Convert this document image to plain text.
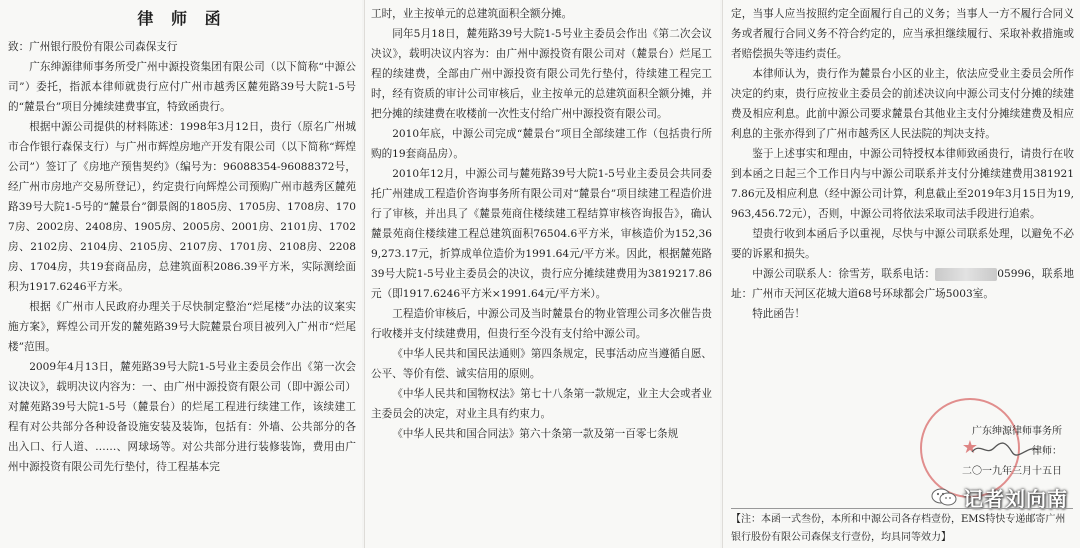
律 师 函

致：广州银行股份有限公司森保支行

广东绅源律师事务所受广州中源投资集团有限公司（以下简称“中源公司”）委托，指派本律师就贵行应付广州市越秀区麓苑路39号大院1-5号的“麓景台”项目分摊续建费事宜，特致函贵行。

根据中源公司提供的材料陈述：1998年3月12日，贵行（原名广州城市合作银行森保支行）与广州市辉煌房地产开发有限公司（以下简称“辉煌公司”）签订了《房地产预售契约》（编号为：96088354-96088372号，经广州市房地产交易所登记），约定贵行向辉煌公司预购广州市越秀区麓苑路39号大院1-5号的“麓景台”御景阁的1805房、1705房、1708房、1707房、2002房、2408房、1905房、2005房、2001房、2101房、1702房、2102房、2104房、2105房、2107房、1701房、2108房、2208房、1704房，共19套商品房，总建筑面积2086.39平方米，实际测绘面积为1917.6246平方米。

根据《广州市人民政府办理关于尽快制定整治“烂尾楼”办法的议案实施方案》，辉煌公司开发的麓苑路39号大院麓景台项目被列入广州市“烂尾楼”范围。

2009年4月13日，麓苑路39号大院1-5号业主委员会作出《第一次会议决议》，载明决议内容为：一、由广州中源投资有限公司（即中源公司）对麓苑路39号大院1-5号（麓景台）的烂尾工程进行续建工作，该续建工程有对公共部分各种设备设施安装及装饰，包括有：外墙、公共部分的各出入口、行人道、……、网球场等。对公共部分进行装修装饰，费用由广州中源投资有限公司先行垫付，待工程基本完

工时，业主按单元的总建筑面积全额分摊。

同年5月18日，麓苑路39号大院1-5号业主委员会作出《第二次会议决议》，载明决议内容为：由广州中源投资有限公司对（麓景台）烂尾工程的续建费，全部由广州中源投资有限公司先行垫付，待续建工程完工时，经有资质的审计公司审核后，业主按单元的总建筑面积全额分摊，并把分摊的续建费在收楼前一次性支付给广州中源投资有限公司。

2010年底，中源公司完成“麓景台”项目全部续建工作（包括贵行所购的19套商品房）。

2010年12月，中源公司与麓苑路39号大院1-5号业主委员会共同委托广州建成工程造价咨询事务所有限公司对“麓景台”项目续建工程造价进行了审核，并出具了《麓景苑商住楼续建工程结算审核咨询报告》，确认麓景苑商住楼续建工程总建筑面积76504.6平方米，审核造价为152,369,273.17元，折算成单位造价为1991.64元/平方米。因此，根据麓苑路39号大院1-5号业主委员会的决议，贵行应分摊续建费用为3819217.86元（即1917.6246平方米×1991.64元/平方米）。

工程造价审核后，中源公司及当时麓景台的物业管理公司多次催告贵行收楼并支付续建费用，但贵行至今没有支付给中源公司。

《中华人民共和国民法通则》第四条规定，民事活动应当遵循自愿、公平、等价有偿、诚实信用的原则。

《中华人民共和国物权法》第七十八条第一款规定，业主大会或者业主委员会的决定，对业主具有约束力。

《中华人民共和国合同法》第六十条第一款及第一百零七条规

定，当事人应当按照约定全面履行自己的义务；当事人一方不履行合同义务或者履行合同义务不符合约定的，应当承担继续履行、采取补救措施或者赔偿损失等违约责任。

本律师认为，贵行作为麓景台小区的业主，依法应受业主委员会所作决定的约束，贵行应按业主委员会的前述决议向中源公司支付分摊的续建费及相应利息。此前中源公司要求麓景台其他业主支付分摊续建费及相应利息的主张亦得到了广州市越秀区人民法院的判决支持。

鉴于上述事实和理由，中源公司特授权本律师致函贵行，请贵行在收到本函之日起三个工作日内与中源公司联系并支付分摊续建费用3819217.86元及相应利息（经中源公司计算，利息截止至2019年3月15日为19,963,456.72元），否则，中源公司将依法采取司法手段进行追索。

望贵行收到本函后予以重视，尽快与中源公司联系处理，以避免不必要的诉累和损失。

中源公司联系人：徐雪芳，联系电话：	05996，联系地址：广州市天河区花城大道68号环球都会广场5003室。

特此函告！

★
广东绅源律师事务所
律师：
二〇一九年三月十五日
记者刘向南
【注：本函一式叁份，本所和中源公司各存档壹份，EMS特快专递邮寄广州银行股份有限公司森保支行壹份，均具同等效力】
